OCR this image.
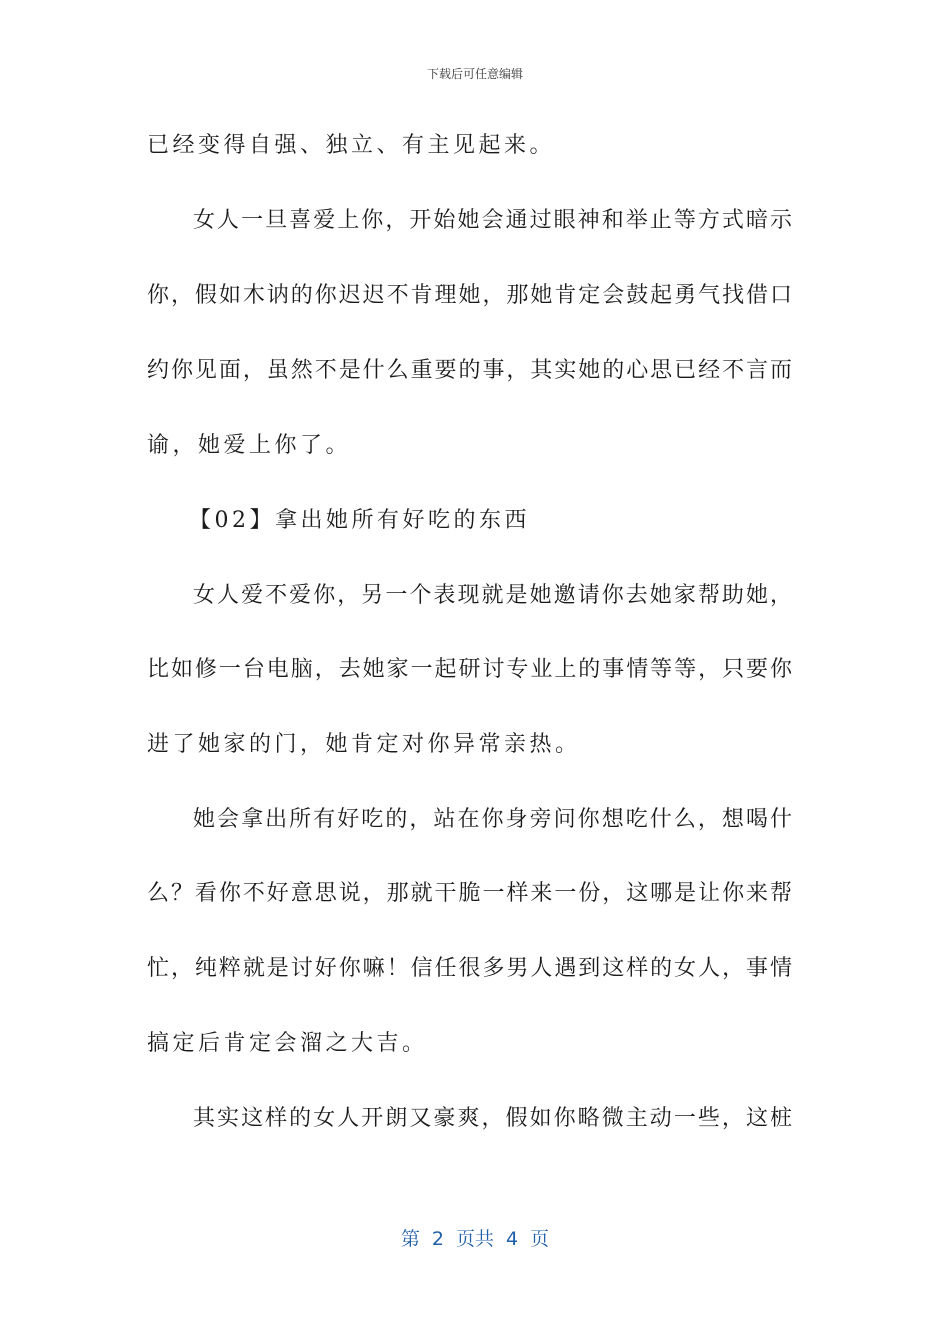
下载后可任意编辑
已经变得自强、独立、有主见起来。
女人一旦喜爱上你，开始她会通过眼神和举止等方式暗示
你，假如木讷的你迟迟不肯理她，那她肯定会鼓起勇气找借口
约你见面，虽然不是什么重要的事，其实她的心思已经不言而
谕，她爱上你了。
【02】拿出她所有好吃的东西
女人爱不爱你，另一个表现就是她邀请你去她家帮助她，
比如修一台电脑，去她家一起研讨专业上的事情等等，只要你
进了她家的门，她肯定对你异常亲热。
她会拿出所有好吃的，站在你身旁问你想吃什么，想喝什
么？看你不好意思说，那就干脆一样来一份，这哪是让你来帮
忙，纯粹就是讨好你嘛！信任很多男人遇到这样的女人，事情
搞定后肯定会溜之大吉。
其实这样的女人开朗又豪爽，假如你略微主动一些，这桩
第 2 页共 4 页
